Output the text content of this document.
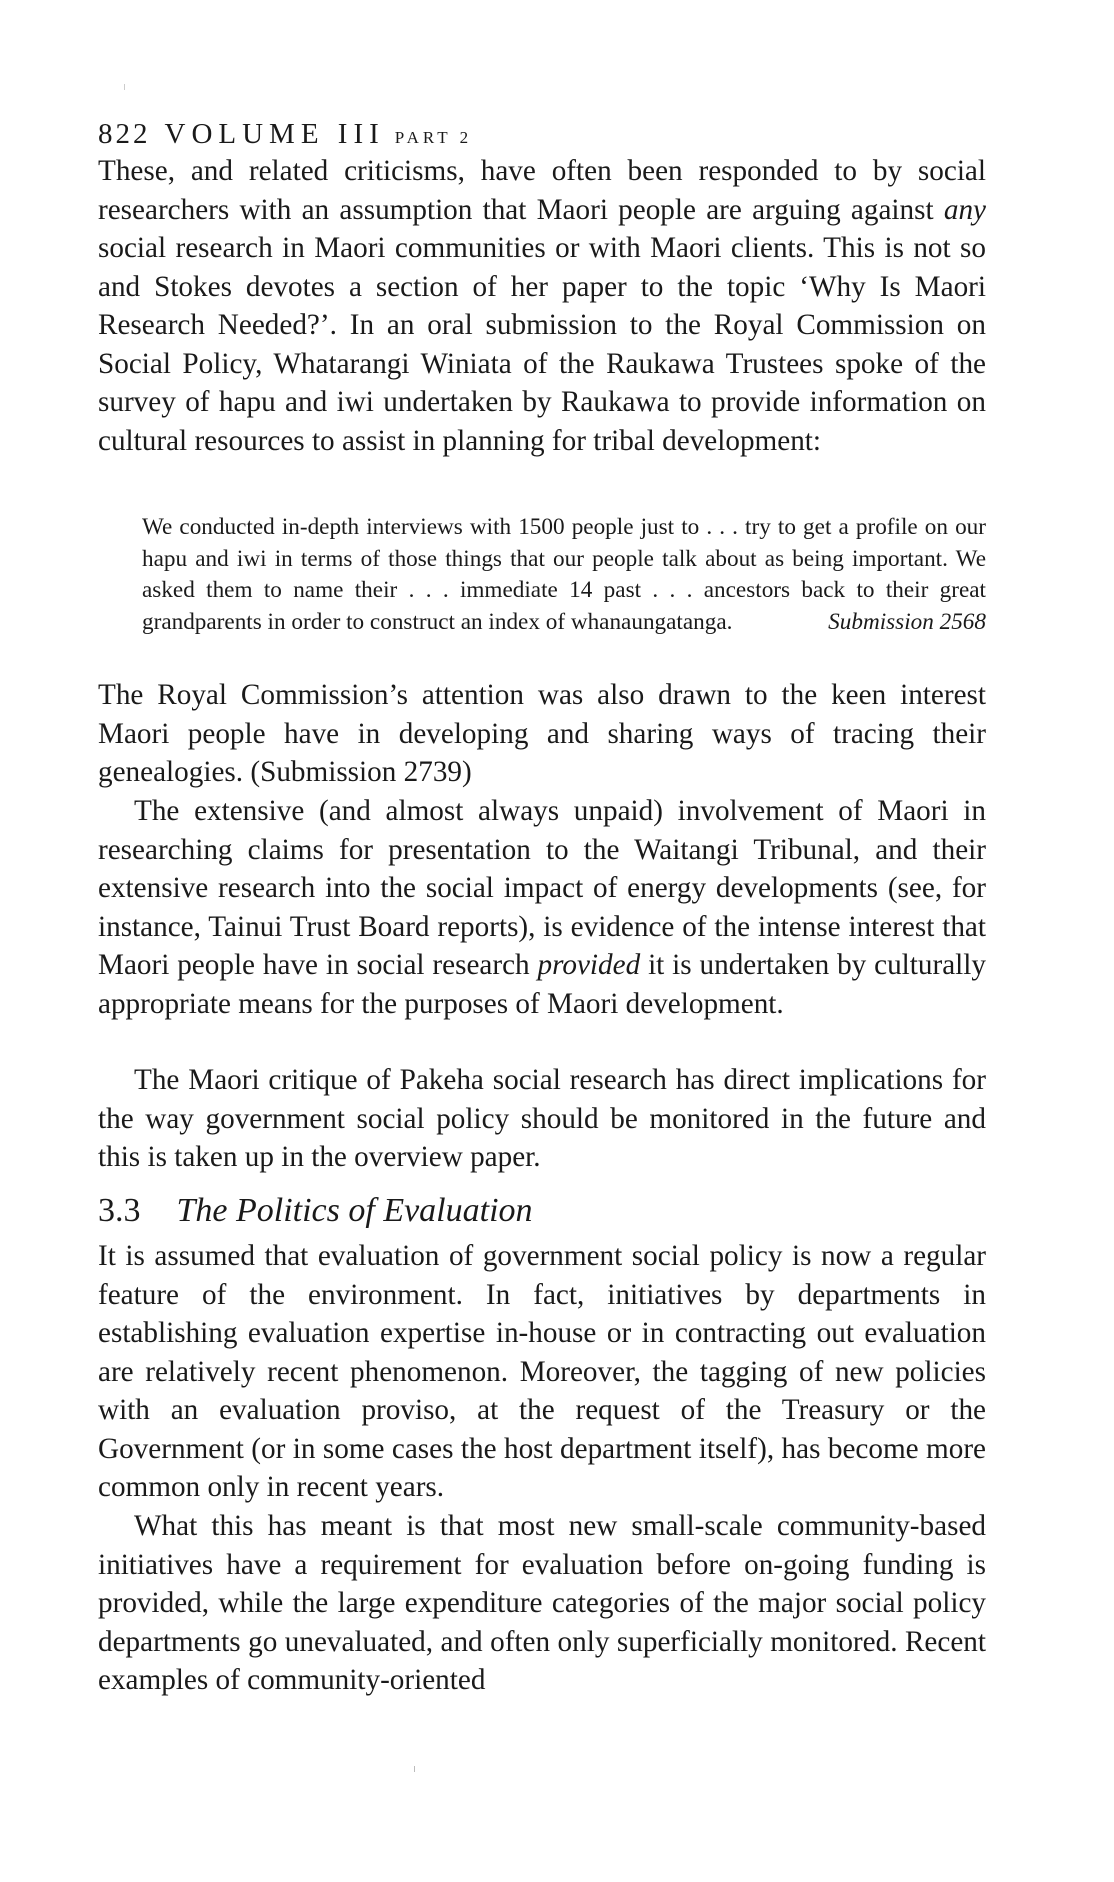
822 VOLUME III PART 2

These, and related criticisms, have often been responded to by social researchers with an assumption that Maori people are arguing against any social research in Maori communities or with Maori clients. This is not so and Stokes devotes a section of her paper to the topic ‘Why Is Maori Research Needed?’. In an oral submission to the Royal Commission on Social Policy, Whatarangi Winiata of the Raukawa Trustees spoke of the survey of hapu and iwi undertaken by Raukawa to provide information on cultural resources to assist in planning for tribal development:

We conducted in-depth interviews with 1500 people just to . . . try to get a profile on our hapu and iwi in terms of those things that our people talk about as being important. We asked them to name their . . . immediate 14 past . . . ancestors back to their great grandparents in order to construct an index of whanaungatanga.	Submission 2568

The Royal Commission’s attention was also drawn to the keen interest Maori people have in developing and sharing ways of tracing their genealogies. (Submission 2739)

The extensive (and almost always unpaid) involvement of Maori in researching claims for presentation to the Waitangi Tribunal, and their extensive research into the social impact of energy developments (see, for instance, Tainui Trust Board reports), is evidence of the intense interest that Maori people have in social research provided it is undertaken by culturally appropriate means for the purposes of Maori development.

The Maori critique of Pakeha social research has direct implications for the way government social policy should be monitored in the future and this is taken up in the overview paper.

3.3 The Politics of Evaluation

It is assumed that evaluation of government social policy is now a regular feature of the environment. In fact, initiatives by departments in establishing evaluation expertise in-house or in contracting out evaluation are relatively recent phenomenon. Moreover, the tagging of new policies with an evaluation proviso, at the request of the Treasury or the Government (or in some cases the host department itself), has become more common only in recent years.

What this has meant is that most new small-scale community-based initiatives have a requirement for evaluation before on-going funding is provided, while the large expenditure categories of the major social policy departments go unevaluated, and often only superficially monitored. Recent examples of community-oriented
